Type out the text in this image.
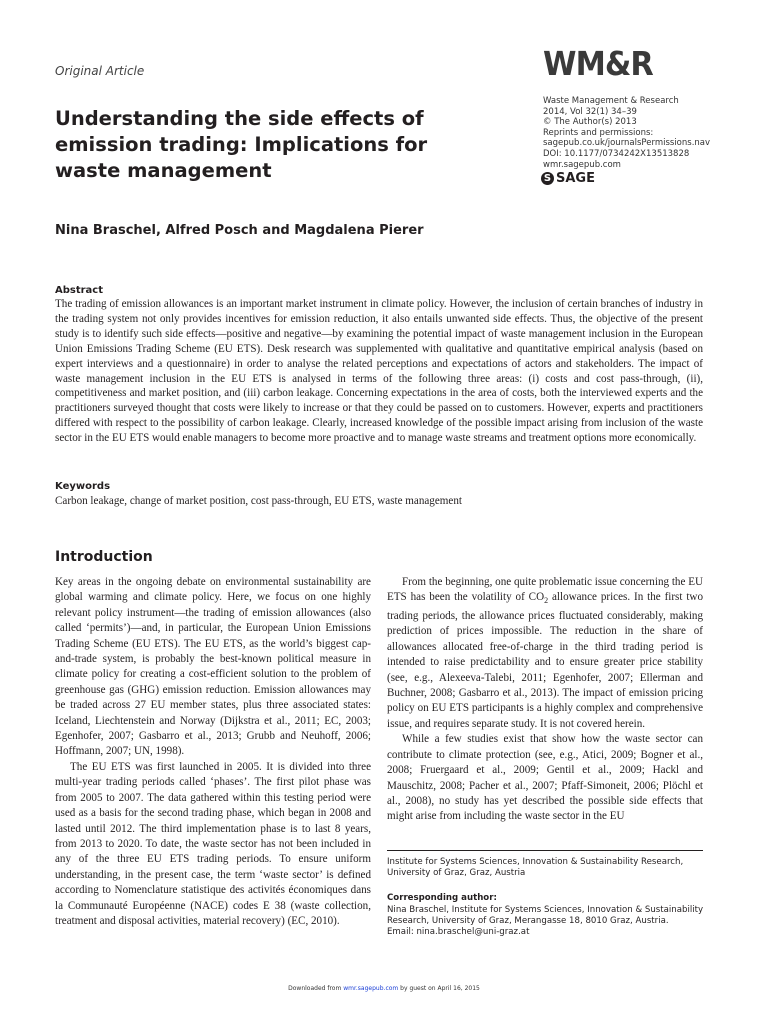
Original Article	WM&R
Waste Management & Research
2014, Vol 32(1) 34–39
© The Author(s) 2013
Reprints and permissions:
sagepub.co.uk/journalsPermissions.nav
DOI: 10.1177/0734242X13513828
wmr.sagepub.com
S SAGE
Understanding the side effects of emission trading: Implications for waste management
Nina Braschel, Alfred Posch and Magdalena Pierer
Abstract
The trading of emission allowances is an important market instrument in climate policy. However, the inclusion of certain branches of industry in the trading system not only provides incentives for emission reduction, it also entails unwanted side effects. Thus, the objective of the present study is to identify such side effects—positive and negative—by examining the potential impact of waste management inclusion in the European Union Emissions Trading Scheme (EU ETS). Desk research was supplemented with qualitative and quantitative empirical analysis (based on expert interviews and a questionnaire) in order to analyse the related perceptions and expectations of actors and stakeholders. The impact of waste management inclusion in the EU ETS is analysed in terms of the following three areas: (i) costs and cost pass-through, (ii), competitiveness and market position, and (iii) carbon leakage. Concerning expectations in the area of costs, both the interviewed experts and the practitioners surveyed thought that costs were likely to increase or that they could be passed on to customers. However, experts and practitioners differed with respect to the possibility of carbon leakage. Clearly, increased knowledge of the possible impact arising from inclusion of the waste sector in the EU ETS would enable managers to become more proactive and to manage waste streams and treatment options more economically.
Keywords
Carbon leakage, change of market position, cost pass-through, EU ETS, waste management
Introduction

Key areas in the ongoing debate on environmental sustainability are global warming and climate policy. Here, we focus on one highly relevant policy instrument—the trading of emission allowances (also called ‘permits’)—and, in particular, the European Union Emissions Trading Scheme (EU ETS). The EU ETS, as the world’s biggest cap-and-trade system, is probably the best-known political measure in climate policy for creating a cost-efficient solution to the problem of greenhouse gas (GHG) emission reduction. Emission allowances may be traded across 27 EU member states, plus three associated states: Iceland, Liechtenstein and Norway (Dijkstra et al., 2011; EC, 2003; Egenhofer, 2007; Gasbarro et al., 2013; Grubb and Neuhoff, 2006; Hoffmann, 2007; UN, 1998).

The EU ETS was first launched in 2005. It is divided into three multi-year trading periods called ‘phases’. The first pilot phase was from 2005 to 2007. The data gathered within this testing period were used as a basis for the second trading phase, which began in 2008 and lasted until 2012. The third implementation phase is to last 8 years, from 2013 to 2020. To date, the waste sector has not been included in any of the three EU ETS trading periods. To ensure uniform understanding, in the present case, the term ‘waste sector’ is defined according to Nomenclature statistique des activités économiques dans la Communauté Européenne (NACE) codes E 38 (waste collection, treatment and disposal activities, material recovery) (EC, 2010).

From the beginning, one quite problematic issue concerning the EU ETS has been the volatility of $CO_2$ allowance prices. In the first two trading periods, the allowance prices fluctuated considerably, making prediction of prices impossible. The reduction in the share of allowances allocated free-of-charge in the third trading period is intended to raise predictability and to ensure greater price stability (see, e.g., Alexeeva-Talebi, 2011; Egenhofer, 2007; Ellerman and Buchner, 2008; Gasbarro et al., 2013). The impact of emission pricing policy on EU ETS participants is a highly complex and comprehensive issue, and requires separate study. It is not covered herein.

While a few studies exist that show how the waste sector can contribute to climate protection (see, e.g., Atici, 2009; Bogner et al., 2008; Fruergaard et al., 2009; Gentil et al., 2009; Hackl and Mauschitz, 2008; Pacher et al., 2007; Pfaff-Simoneit, 2006; Plöchl et al., 2008), no study has yet described the possible side effects that might arise from including the waste sector in the EU

Institute for Systems Sciences, Innovation & Sustainability Research, University of Graz, Graz, Austria
Corresponding author:
Nina Braschel, Institute for Systems Sciences, Innovation & Sustainability Research, University of Graz, Merangasse 18, 8010 Graz, Austria.
Email: nina.braschel@uni-graz.at
Downloaded from wmr.sagepub.com by guest on April 16, 2015
